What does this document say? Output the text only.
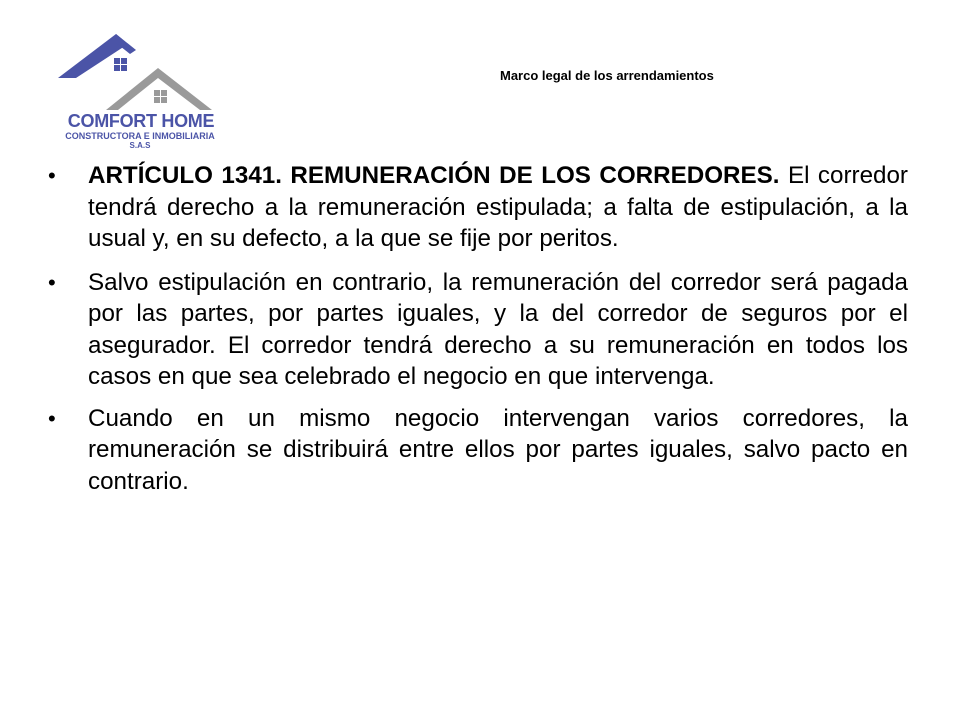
COMFORT HOME
CONSTRUCTORA E INMOBILIARIA
S.A.S
Marco legal de los arrendamientos
• ARTÍCULO 1341. REMUNERACIÓN DE LOS CORREDORES. El corredor tendrá derecho a la remuneración estipulada; a falta de estipulación, a la usual y, en su defecto, a la que se fije por peritos.
• Salvo estipulación en contrario, la remuneración del corredor será pagada por las partes, por partes iguales, y la del corredor de seguros por el asegurador. El corredor tendrá derecho a su remuneración en todos los casos en que sea celebrado el negocio en que intervenga.
• Cuando en un mismo negocio intervengan varios corredores, la remuneración se distribuirá entre ellos por partes iguales, salvo pacto en contrario.
